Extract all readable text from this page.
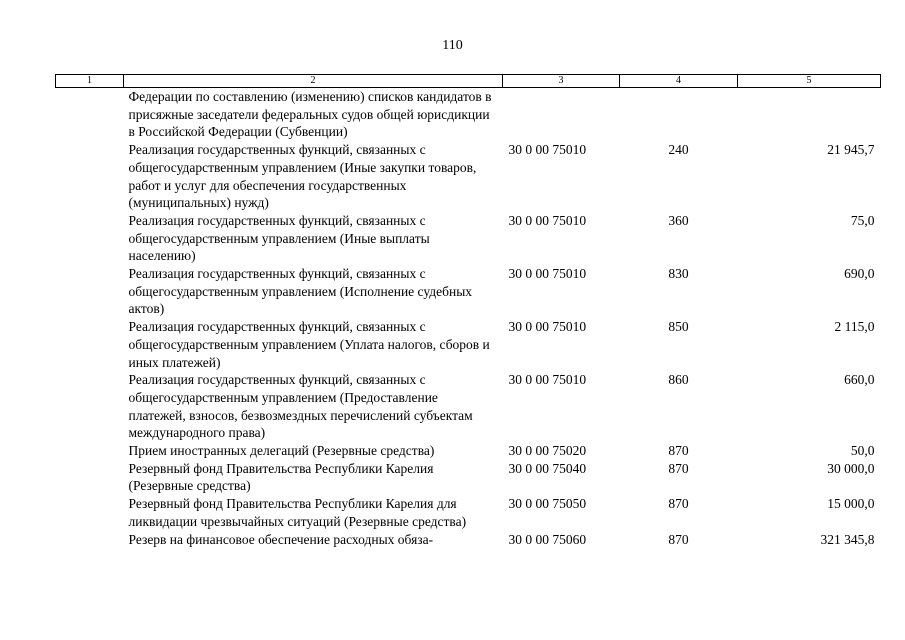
110
1	2	3	4	5
	Федерации по составлению (изменению) списков кандидатов в присяжные заседатели федеральных судов общей юрисдикции в Российской Федерации (Субвенции)			
	Реализация государственных функций, связанных с общегосударственным управлением (Иные закупки товаров, работ и услуг для обеспечения государственных (муниципальных) нужд)	30 0 00 75010	240	21 945,7
	Реализация государственных функций, связанных с общегосударственным управлением (Иные выплаты населению)	30 0 00 75010	360	75,0
	Реализация государственных функций, связанных с общегосударственным управлением (Исполнение судебных актов)	30 0 00 75010	830	690,0
	Реализация государственных функций, связанных с общегосударственным управлением (Уплата налогов, сборов и иных платежей)	30 0 00 75010	850	2 115,0
	Реализация государственных функций, связанных с общегосударственным управлением (Предоставление платежей, взносов, безвозмездных перечислений субъектам международного права)	30 0 00 75010	860	660,0
	Прием иностранных делегаций (Резервные средства)	30 0 00 75020	870	50,0
	Резервный фонд Правительства Республики Карелия (Резервные средства)	30 0 00 75040	870	30 000,0
	Резервный фонд Правительства Республики Карелия для ликвидации чрезвычайных ситуаций (Резервные средства)	30 0 00 75050	870	15 000,0
	Резерв на финансовое обеспечение расходных обяза-	30 0 00 75060	870	321 345,8
